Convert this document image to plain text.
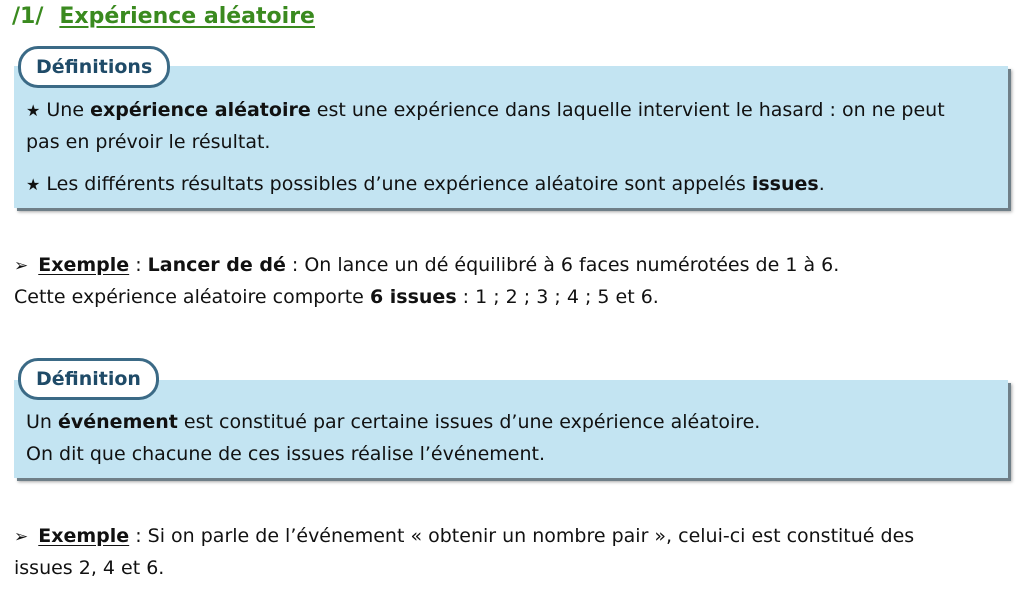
/1/ Expérience aléatoire
★ Une expérience aléatoire est une expérience dans laquelle intervient le hasard : on ne peut
pas en prévoir le résultat.
★ Les différents résultats possibles d’une expérience aléatoire sont appelés issues.
Définitions
➢ Exemple : Lancer de dé : On lance un dé équilibré à 6 faces numérotées de 1 à 6.
Cette expérience aléatoire comporte 6 issues : 1 ; 2 ; 3 ; 4 ; 5 et 6.
Un événement est constitué par certaine issues d’une expérience aléatoire.
On dit que chacune de ces issues réalise l’événement.
Définition
➢ Exemple : Si on parle de l’événement « obtenir un nombre pair », celui-ci est constitué des
issues 2, 4 et 6.
